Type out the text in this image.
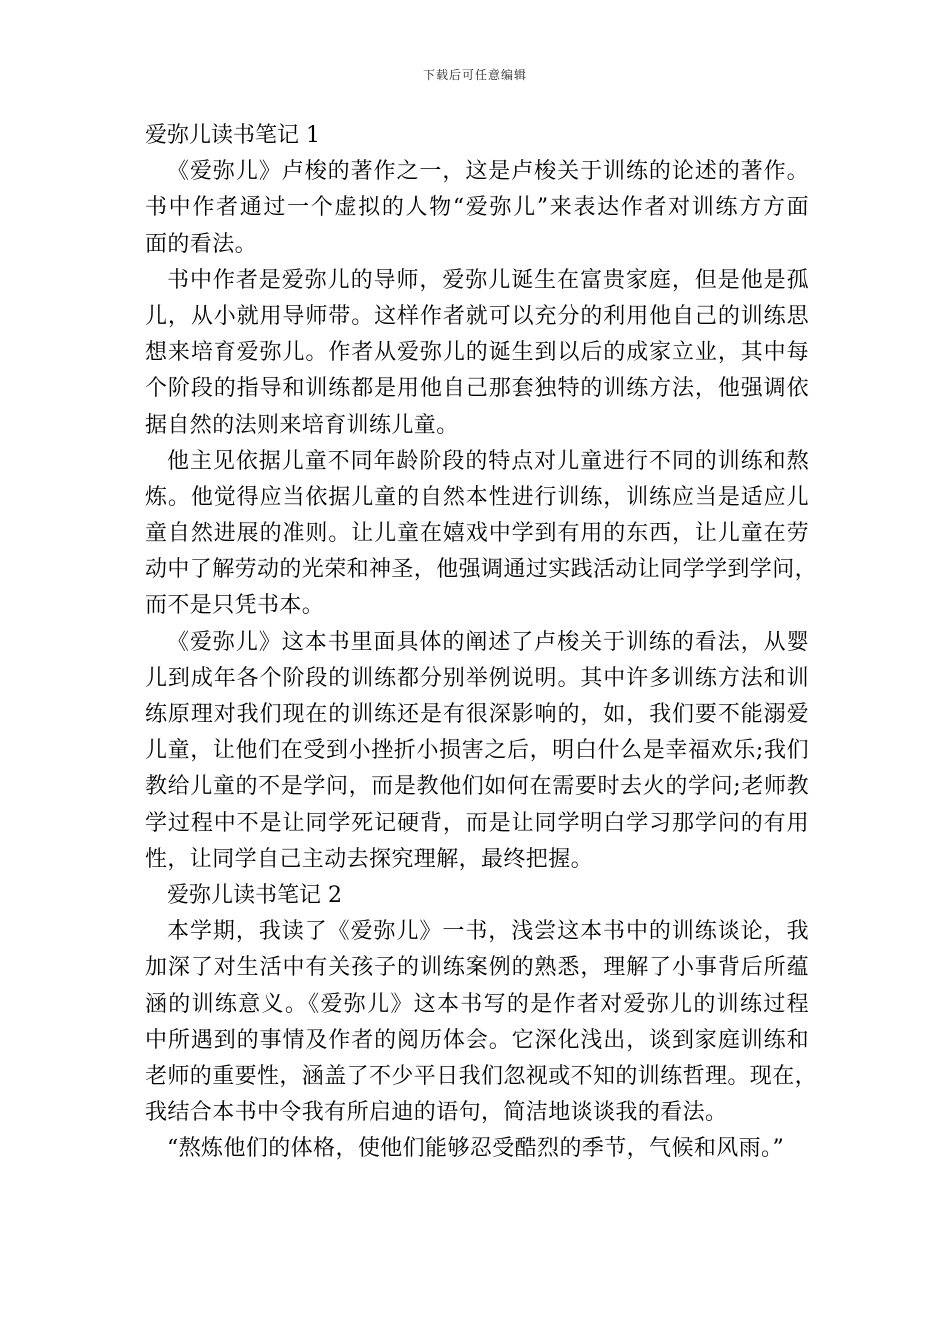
下载后可任意编辑
爱弥儿读书笔记 1
《爱弥儿》卢梭的著作之一，这是卢梭关于训练的论述的著作。
书中作者通过一个虚拟的人物“爱弥儿”来表达作者对训练方方面
面的看法。
书中作者是爱弥儿的导师，爱弥儿诞生在富贵家庭，但是他是孤
儿，从小就用导师带。这样作者就可以充分的利用他自己的训练思
想来培育爱弥儿。作者从爱弥儿的诞生到以后的成家立业，其中每
个阶段的指导和训练都是用他自己那套独特的训练方法，他强调依
据自然的法则来培育训练儿童。
他主见依据儿童不同年龄阶段的特点对儿童进行不同的训练和熬
炼。他觉得应当依据儿童的自然本性进行训练，训练应当是适应儿
童自然进展的准则。让儿童在嬉戏中学到有用的东西，让儿童在劳
动中了解劳动的光荣和神圣，他强调通过实践活动让同学学到学问，
而不是只凭书本。
《爱弥儿》这本书里面具体的阐述了卢梭关于训练的看法，从婴
儿到成年各个阶段的训练都分别举例说明。其中许多训练方法和训
练原理对我们现在的训练还是有很深影响的，如，我们要不能溺爱
儿童，让他们在受到小挫折小损害之后，明白什么是幸福欢乐;我们
教给儿童的不是学问，而是教他们如何在需要时去火的学问;老师教
学过程中不是让同学死记硬背，而是让同学明白学习那学问的有用
性，让同学自己主动去探究理解，最终把握。
爱弥儿读书笔记 2
本学期，我读了《爱弥儿》一书，浅尝这本书中的训练谈论，我
加深了对生活中有关孩子的训练案例的熟悉，理解了小事背后所蕴
涵的训练意义。《爱弥儿》这本书写的是作者对爱弥儿的训练过程
中所遇到的事情及作者的阅历体会。它深化浅出，谈到家庭训练和
老师的重要性，涵盖了不少平日我们忽视或不知的训练哲理。现在，
我结合本书中令我有所启迪的语句，简洁地谈谈我的看法。
“熬炼他们的体格，使他们能够忍受酷烈的季节，气候和风雨。”
